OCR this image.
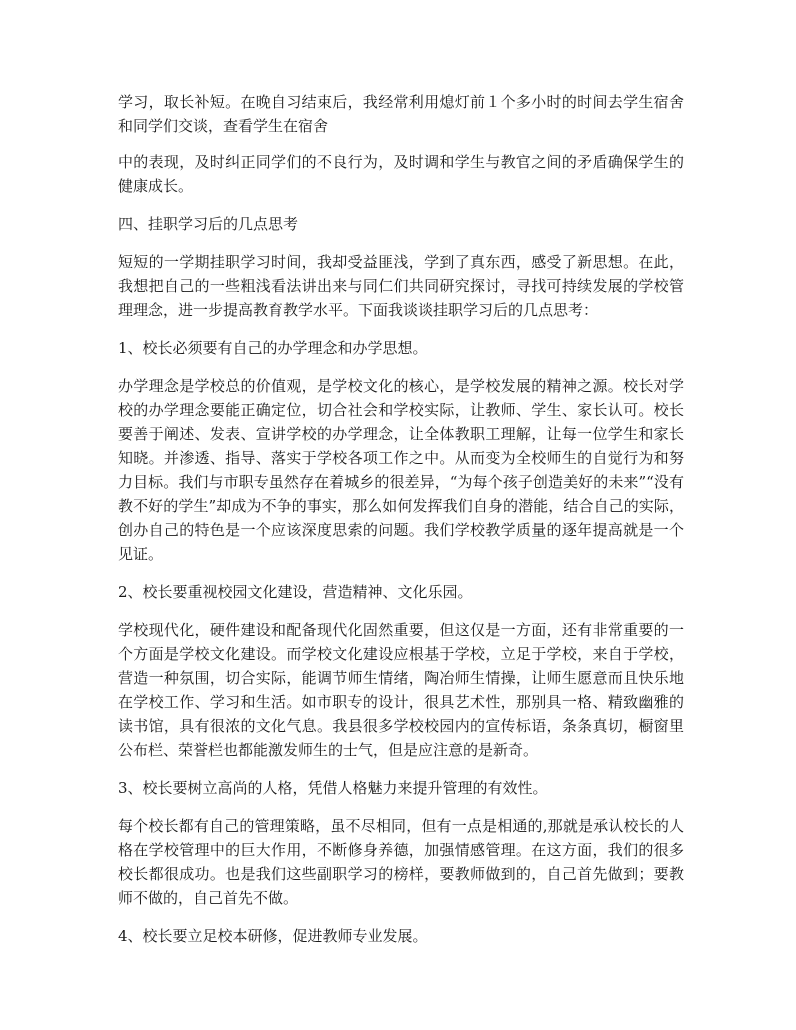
学习，取长补短。在晚自习结束后，我经常利用熄灯前１个多小时的时间去学生宿舍和同学们交谈，查看学生在宿舍

中的表现，及时纠正同学们的不良行为，及时调和学生与教官之间的矛盾确保学生的健康成长。

四、挂职学习后的几点思考

短短的一学期挂职学习时间，我却受益匪浅，学到了真东西，感受了新思想。在此，我想把自己的一些粗浅看法讲出来与同仁们共同研究探讨，寻找可持续发展的学校管理理念，进一步提高教育教学水平。下面我谈谈挂职学习后的几点思考：

1、校长必须要有自己的办学理念和办学思想。

办学理念是学校总的价值观，是学校文化的核心，是学校发展的精神之源。校长对学校的办学理念要能正确定位，切合社会和学校实际，让教师、学生、家长认可。校长要善于阐述、发表、宣讲学校的办学理念，让全体教职工理解，让每一位学生和家长知晓。并渗透、指导、落实于学校各项工作之中。从而变为全校师生的自觉行为和努力目标。我们与市职专虽然存在着城乡的很差异，“为每个孩子创造美好的未来”“没有教不好的学生”却成为不争的事实，那么如何发挥我们自身的潜能，结合自己的实际，创办自己的特色是一个应该深度思索的问题。我们学校教学质量的逐年提高就是一个见证。

2、校长要重视校园文化建设，营造精神、文化乐园。

学校现代化，硬件建设和配备现代化固然重要，但这仅是一方面，还有非常重要的一个方面是学校文化建设。而学校文化建设应根基于学校，立足于学校，来自于学校，营造一种氛围，切合实际，能调节师生情绪，陶冶师生情操，让师生愿意而且快乐地在学校工作、学习和生活。如市职专的设计，很具艺术性，那别具一格、精致幽雅的读书馆，具有很浓的文化气息。我县很多学校校园内的宣传标语，条条真切，橱窗里公布栏、荣誉栏也都能激发师生的士气，但是应注意的是新奇。

3、校长要树立高尚的人格，凭借人格魅力来提升管理的有效性。

每个校长都有自己的管理策略，虽不尽相同，但有一点是相通的,那就是承认校长的人格在学校管理中的巨大作用，不断修身养德，加强情感管理。在这方面，我们的很多校长都很成功。也是我们这些副职学习的榜样，要教师做到的，自己首先做到；要教师不做的，自己首先不做。

4、校长要立足校本研修，促进教师专业发展。
